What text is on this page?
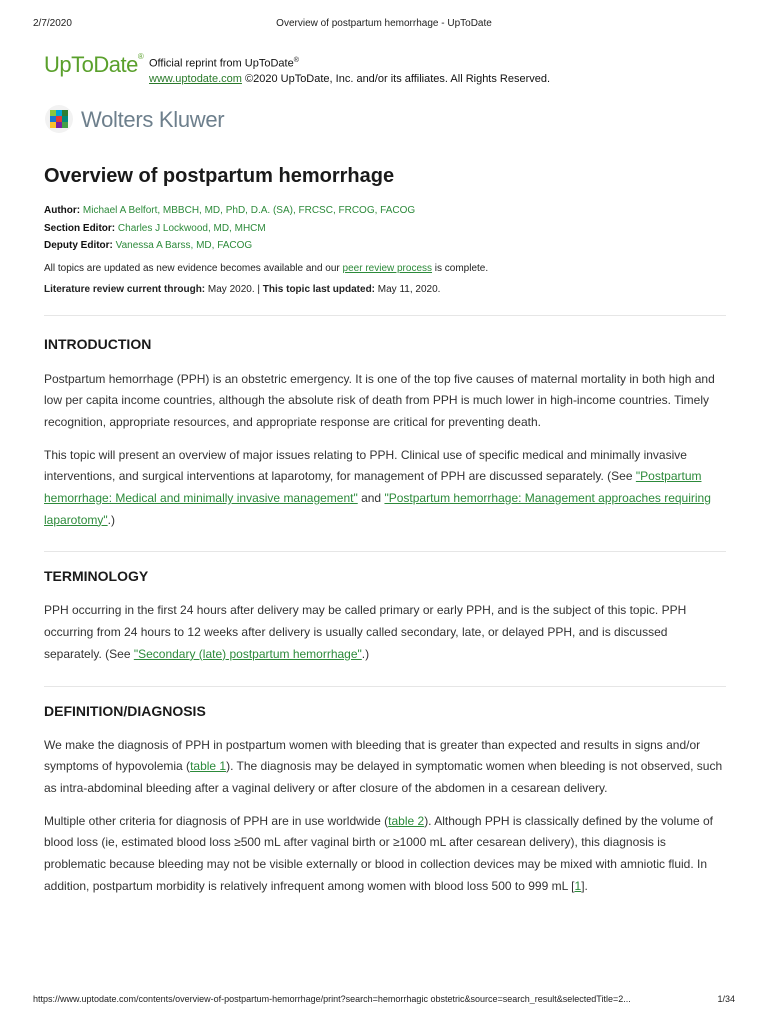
2/7/2020	Overview of postpartum hemorrhage - UpToDate
UpToDate®
Official reprint from UpToDate®
www.uptodate.com ©2020 UpToDate, Inc. and/or its affiliates. All Rights Reserved.
Wolters Kluwer
Overview of postpartum hemorrhage
Author: Michael A Belfort, MBBCH, MD, PhD, D.A. (SA), FRCSC, FRCOG, FACOG
Section Editor: Charles J Lockwood, MD, MHCM
Deputy Editor: Vanessa A Barss, MD, FACOG
All topics are updated as new evidence becomes available and our peer review process is complete.
Literature review current through: May 2020. | This topic last updated: May 11, 2020.
INTRODUCTION

Postpartum hemorrhage (PPH) is an obstetric emergency. It is one of the top five causes of maternal mortality in both high and low per capita income countries, although the absolute risk of death from PPH is much lower in high-income countries. Timely recognition, appropriate resources, and appropriate response are critical for preventing death.

This topic will present an overview of major issues relating to PPH. Clinical use of specific medical and minimally invasive interventions, and surgical interventions at laparotomy, for management of PPH are discussed separately. (See "Postpartum hemorrhage: Medical and minimally invasive management" and "Postpartum hemorrhage: Management approaches requiring laparotomy".)

TERMINOLOGY

PPH occurring in the first 24 hours after delivery may be called primary or early PPH, and is the subject of this topic. PPH occurring from 24 hours to 12 weeks after delivery is usually called secondary, late, or delayed PPH, and is discussed separately. (See "Secondary (late) postpartum hemorrhage".)

DEFINITION/DIAGNOSIS

We make the diagnosis of PPH in postpartum women with bleeding that is greater than expected and results in signs and/or symptoms of hypovolemia (table 1). The diagnosis may be delayed in symptomatic women when bleeding is not observed, such as intra-abdominal bleeding after a vaginal delivery or after closure of the abdomen in a cesarean delivery.

Multiple other criteria for diagnosis of PPH are in use worldwide (table 2). Although PPH is classically defined by the volume of blood loss (ie, estimated blood loss ≥500 mL after vaginal birth or ≥1000 mL after cesarean delivery), this diagnosis is problematic because bleeding may not be visible externally or blood in collection devices may be mixed with amniotic fluid. In addition, postpartum morbidity is relatively infrequent among women with blood loss 500 to 999 mL [1].

https://www.uptodate.com/contents/overview-of-postpartum-hemorrhage/print?search=hemorrhagic obstetric&source=search_result&selectedTitle=2...	1/34
